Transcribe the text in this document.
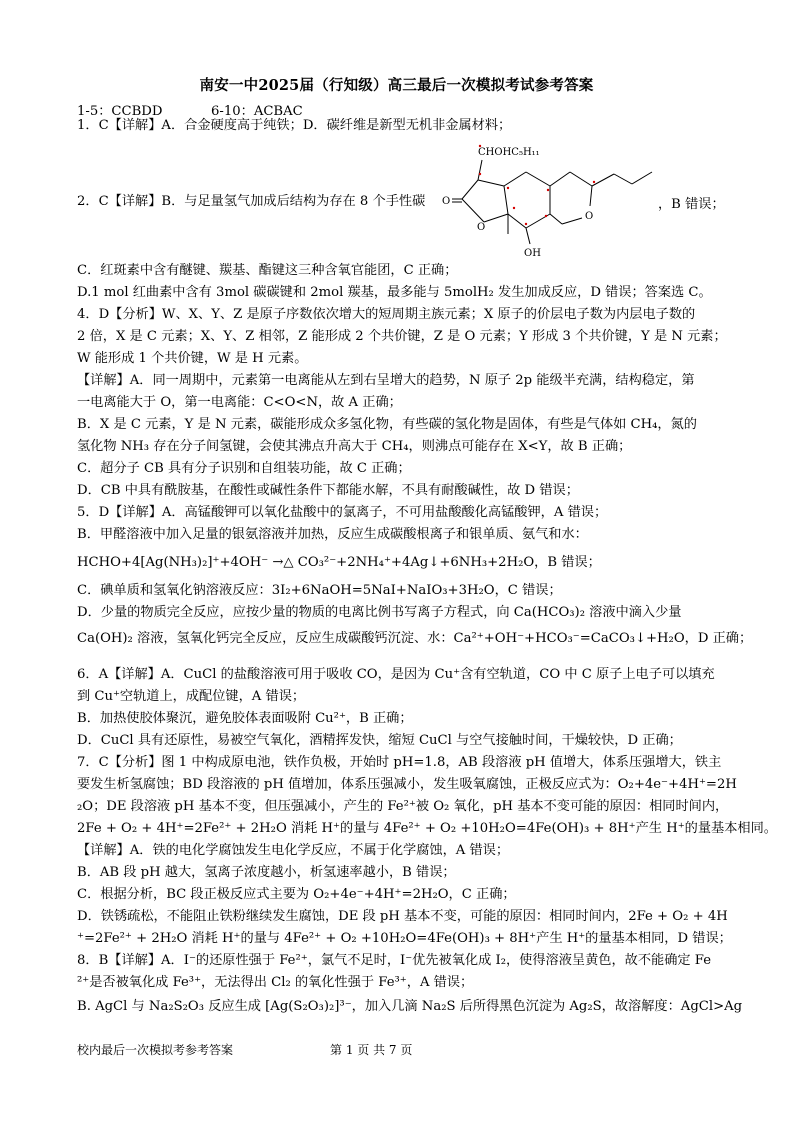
南安一中2025届（行知级）高三最后一次模拟考试参考答案
1-5：CCBDD	6-10：ACBAC
1．C【详解】A．合金硬度高于纯铁；D．碳纤维是新型无机非金属材料；
2．C【详解】B．与足量氢气加成后结构为存在 8 个手性碳	，B 错误；
CHOHC₅H₁₁
O
O
O
OH
C．红斑素中含有醚键、羰基、酯键这三种含氧官能团，C 正确；
D.1 mol 红曲素中含有 3mol 碳碳键和 2mol 羰基，最多能与 5molH₂ 发生加成反应，D 错误；答案选 C。
4．D【分析】W、X、Y、Z 是原子序数依次增大的短周期主族元素；X 原子的价层电子数为内层电子数的
2 倍，X 是 C 元素；X、Y、Z 相邻，Z 能形成 2 个共价键，Z 是 O 元素；Y 形成 3 个共价键，Y 是 N 元素；
W 能形成 1 个共价键，W 是 H 元素。
【详解】A．同一周期中，元素第一电离能从左到右呈增大的趋势，N 原子 2p 能级半充满，结构稳定，第
一电离能大于 O，第一电离能：C<O<N，故 A 正确；
B．X 是 C 元素，Y 是 N 元素，碳能形成众多氢化物，有些碳的氢化物是固体，有些是气体如 CH₄，氮的
氢化物 NH₃ 存在分子间氢键，会使其沸点升高大于 CH₄，则沸点可能存在 X<Y，故 B 正确；
C．超分子 CB 具有分子识别和自组装功能，故 C 正确；
D．CB 中具有酰胺基，在酸性或碱性条件下都能水解，不具有耐酸碱性，故 D 错误；
5．D【详解】A．高锰酸钾可以氧化盐酸中的氯离子，不可用盐酸酸化高锰酸钾，A 错误；
B．甲醛溶液中加入足量的银氨溶液并加热，反应生成碳酸根离子和银单质、氨气和水：
HCHO+4[Ag(NH₃)₂]⁺+4OH⁻ →△ CO₃²⁻+2NH₄⁺+4Ag↓+6NH₃+2H₂O，B 错误；
C．碘单质和氢氧化钠溶液反应：3I₂+6NaOH=5NaI+NaIO₃+3H₂O，C 错误；
D．少量的物质完全反应，应按少量的物质的电离比例书写离子方程式，向 Ca(HCO₃)₂ 溶液中滴入少量
Ca(OH)₂ 溶液，氢氧化钙完全反应，反应生成碳酸钙沉淀、水：Ca²⁺+OH⁻+HCO₃⁻=CaCO₃↓+H₂O，D 正确；
6．A【详解】A．CuCl 的盐酸溶液可用于吸收 CO，是因为 Cu⁺含有空轨道，CO 中 C 原子上电子可以填充
到 Cu⁺空轨道上，成配位键，A 错误；
B．加热使胶体聚沉，避免胶体表面吸附 Cu²⁺，B 正确；
D．CuCl 具有还原性，易被空气氧化，酒精挥发快，缩短 CuCl 与空气接触时间，干燥较快，D 正确；
7．C【分析】图 1 中构成原电池，铁作负极，开始时 pH=1.8，AB 段溶液 pH 值增大，体系压强增大，铁主
要发生析氢腐蚀；BD 段溶液的 pH 值增加，体系压强减小，发生吸氧腐蚀，正极反应式为：O₂+4e⁻+4H⁺=2H
₂O；DE 段溶液 pH 基本不变，但压强减小，产生的 Fe²⁺被 O₂ 氧化，pH 基本不变可能的原因：相同时间内，
2Fe + O₂ + 4H⁺=2Fe²⁺ + 2H₂O 消耗 H⁺的量与 4Fe²⁺ + O₂ +10H₂O=4Fe(OH)₃ + 8H⁺产生 H⁺的量基本相同。
【详解】A．铁的电化学腐蚀发生电化学反应，不属于化学腐蚀，A 错误；
B．AB 段 pH 越大，氢离子浓度越小，析氢速率越小，B 错误；
C．根据分析，BC 段正极反应式主要为 O₂+4e⁻+4H⁺=2H₂O，C 正确；
D．铁锈疏松，不能阻止铁粉继续发生腐蚀，DE 段 pH 基本不变，可能的原因：相同时间内，2Fe + O₂ + 4H
⁺=2Fe²⁺ + 2H₂O 消耗 H⁺的量与 4Fe²⁺ + O₂ +10H₂O=4Fe(OH)₃ + 8H⁺产生 H⁺的量基本相同，D 错误；
8．B【详解】A．I⁻的还原性强于 Fe²⁺，氯气不足时，I⁻优先被氧化成 I₂，使得溶液呈黄色，故不能确定 Fe
²⁺是否被氧化成 Fe³⁺，无法得出 Cl₂ 的氧化性强于 Fe³⁺，A 错误；
B. AgCl 与 Na₂S₂O₃ 反应生成 [Ag(S₂O₃)₂]³⁻，加入几滴 Na₂S 后所得黑色沉淀为 Ag₂S，故溶解度：AgCl>Ag
校内最后一次模拟考参考答案	第 1 页 共 7 页
